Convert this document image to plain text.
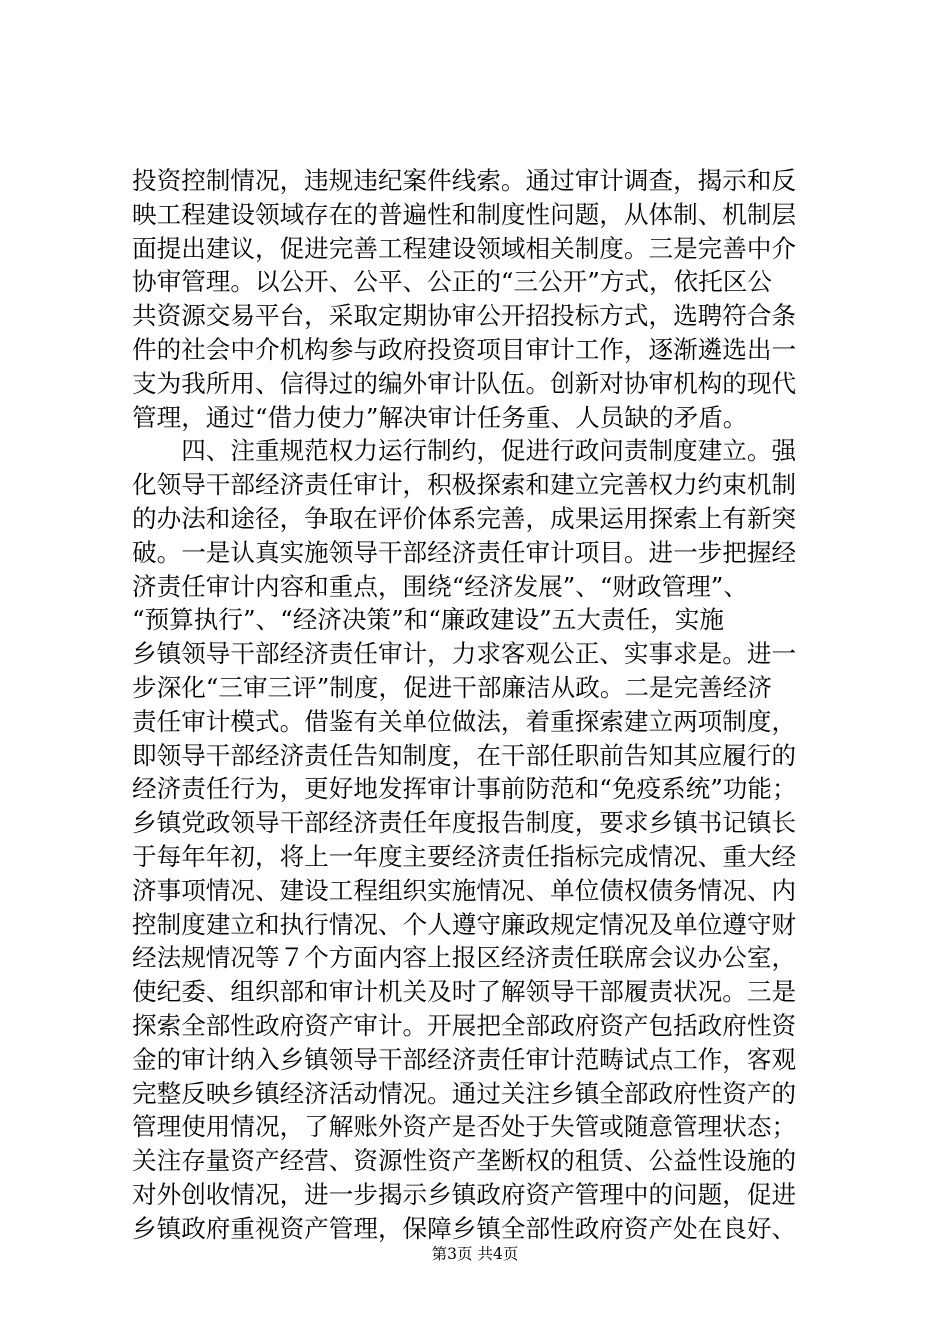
投资控制情况，违规违纪案件线索。通过审计调查，揭示和反
映工程建设领域存在的普遍性和制度性问题，从体制、机制层
面提出建议，促进完善工程建设领域相关制度。三是完善中介
协审管理。以公开、公平、公正的“三公开”方式，依托区公
共资源交易平台，采取定期协审公开招投标方式，选聘符合条
件的社会中介机构参与政府投资项目审计工作，逐渐遴选出一
支为我所用、信得过的编外审计队伍。创新对协审机构的现代
管理，通过“借力使力”解决审计任务重、人员缺的矛盾。
　　四、注重规范权力运行制约，促进行政问责制度建立。强
化领导干部经济责任审计，积极探索和建立完善权力约束机制
的办法和途径，争取在评价体系完善，成果运用探索上有新突
破。一是认真实施领导干部经济责任审计项目。进一步把握经
济责任审计内容和重点，围绕“经济发展”、“财政管理”、
“预算执行”、“经济决策”和“廉政建设”五大责任，实施
乡镇领导干部经济责任审计，力求客观公正、实事求是。进一
步深化“三审三评”制度，促进干部廉洁从政。二是完善经济
责任审计模式。借鉴有关单位做法，着重探索建立两项制度，
即领导干部经济责任告知制度，在干部任职前告知其应履行的
经济责任行为，更好地发挥审计事前防范和“免疫系统”功能；
乡镇党政领导干部经济责任年度报告制度，要求乡镇书记镇长
于每年年初，将上一年度主要经济责任指标完成情况、重大经
济事项情况、建设工程组织实施情况、单位债权债务情况、内
控制度建立和执行情况、个人遵守廉政规定情况及单位遵守财
经法规情况等７个方面内容上报区经济责任联席会议办公室，
使纪委、组织部和审计机关及时了解领导干部履责状况。三是
探索全部性政府资产审计。开展把全部政府资产包括政府性资
金的审计纳入乡镇领导干部经济责任审计范畴试点工作，客观
完整反映乡镇经济活动情况。通过关注乡镇全部政府性资产的
管理使用情况，了解账外资产是否处于失管或随意管理状态；
关注存量资产经营、资源性资产垄断权的租赁、公益性设施的
对外创收情况，进一步揭示乡镇政府资产管理中的问题，促进
乡镇政府重视资产管理，保障乡镇全部性政府资产处在良好、
第3页 共4页
